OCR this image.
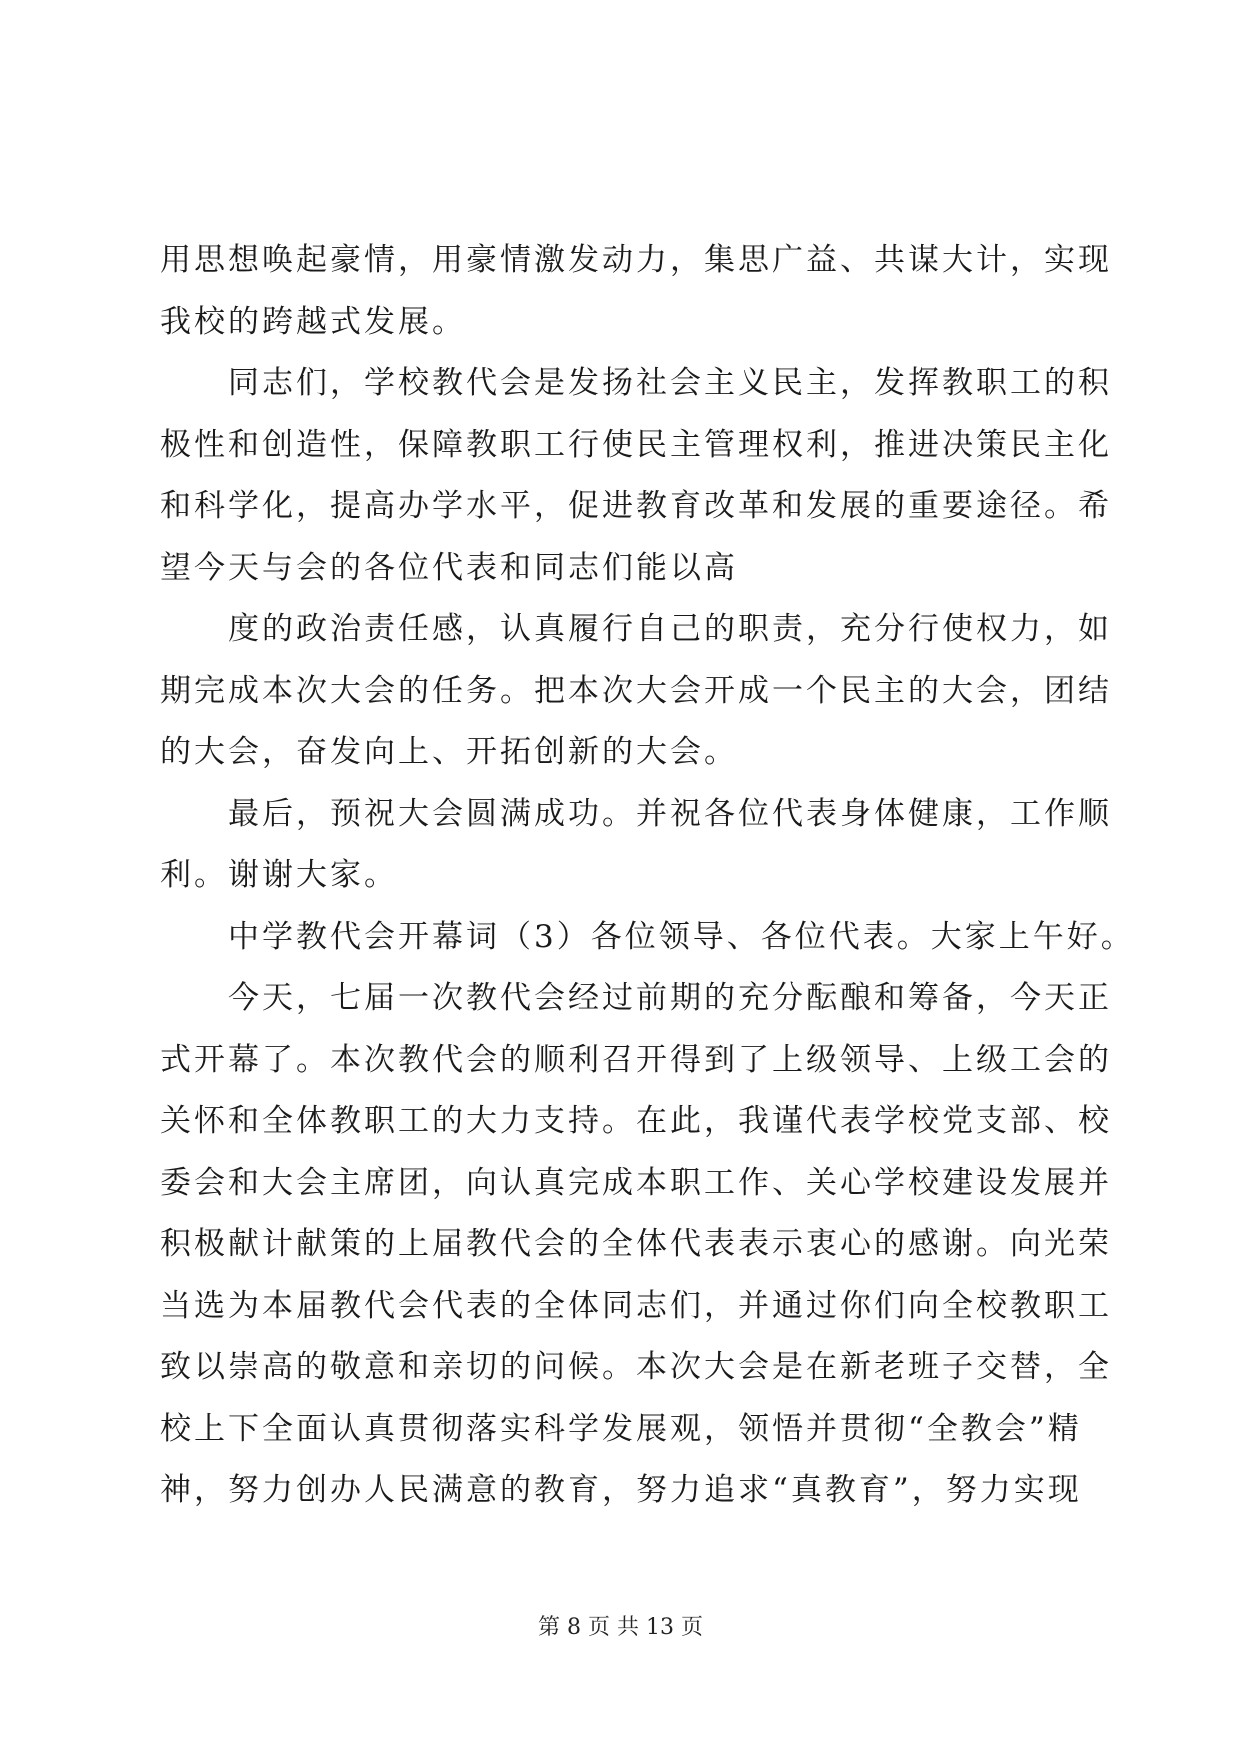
用思想唤起豪情，用豪情激发动力，集思广益、共谋大计，实现
我校的跨越式发展。
同志们，学校教代会是发扬社会主义民主，发挥教职工的积
极性和创造性，保障教职工行使民主管理权利，推进决策民主化
和科学化，提高办学水平，促进教育改革和发展的重要途径。希
望今天与会的各位代表和同志们能以高
度的政治责任感，认真履行自己的职责，充分行使权力，如
期完成本次大会的任务。把本次大会开成一个民主的大会，团结
的大会，奋发向上、开拓创新的大会。
最后，预祝大会圆满成功。并祝各位代表身体健康，工作顺
利。谢谢大家。
中学教代会开幕词（3）各位领导、各位代表。大家上午好。
今天，七届一次教代会经过前期的充分酝酿和筹备，今天正
式开幕了。本次教代会的顺利召开得到了上级领导、上级工会的
关怀和全体教职工的大力支持。在此，我谨代表学校党支部、校
委会和大会主席团，向认真完成本职工作、关心学校建设发展并
积极献计献策的上届教代会的全体代表表示衷心的感谢。向光荣
当选为本届教代会代表的全体同志们，并通过你们向全校教职工
致以崇高的敬意和亲切的问候。本次大会是在新老班子交替，全
校上下全面认真贯彻落实科学发展观，领悟并贯彻“全教会”精
神，努力创办人民满意的教育，努力追求“真教育”，努力实现
第 8 页 共 13 页
